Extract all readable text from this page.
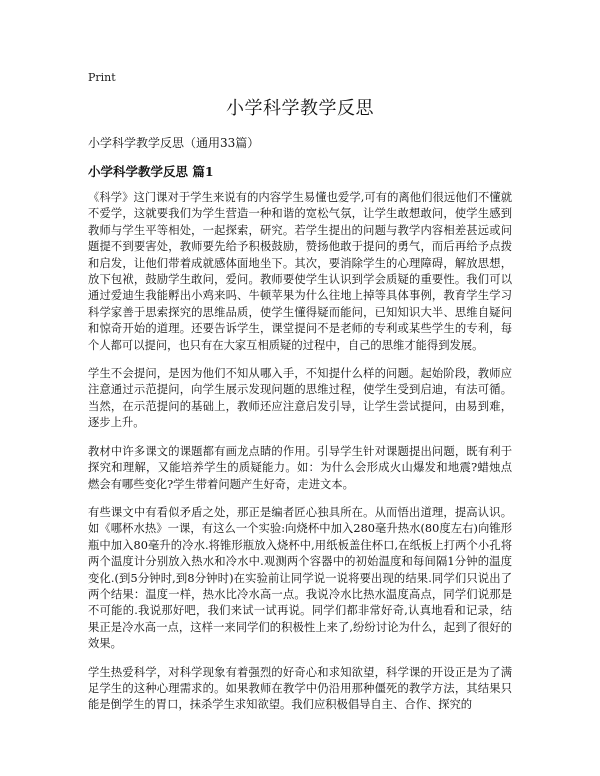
Print
小学科学教学反思
小学科学教学反思（通用33篇）
小学科学教学反思 篇1

《科学》这门课对于学生来说有的内容学生易懂也爱学,可有的离他们很远他们不懂就不爱学，这就要我们为学生营造一种和谐的宽松气氛，让学生敢想敢问，使学生感到教师与学生平等相处，一起探索，研究。若学生提出的问题与教学内容相差甚远或问题提不到要害处，教师要先给予积极鼓励，赞扬他敢于提问的勇气，而后再给予点拨和启发，让他们带着成就感体面地坐下。其次，要消除学生的心理障碍，解放思想，放下包袱，鼓励学生敢问，爱问。教师要使学生认识到学会质疑的重要性。我们可以通过爱迪生我能孵出小鸡来吗、牛顿苹果为什么往地上掉等具体事例，教育学生学习科学家善于思索探究的思维品质，使学生懂得疑而能问，已知知识大半、思维自疑问和惊奇开始的道理。还要告诉学生，课堂提问不是老师的专利或某些学生的专利，每个人都可以提问，也只有在大家互相质疑的过程中，自己的思维才能得到发展。

学生不会提问，是因为他们不知从哪入手，不知提什么样的问题。起始阶段，教师应注意通过示范提问，向学生展示发现问题的思维过程，使学生受到启迪，有法可循。当然，在示范提问的基础上，教师还应注意启发引导，让学生尝试提问，由易到难，逐步上升。

教材中许多课文的课题都有画龙点睛的作用。引导学生针对课题提出问题，既有利于探究和理解，又能培养学生的质疑能力。如：为什么会形成火山爆发和地震?蜡烛点燃会有哪些变化?学生带着问题产生好奇，走进文本。

有些课文中有看似矛盾之处，那正是编者匠心独具所在。从而悟出道理，提高认识。如《哪杯水热》一课，有这么一个实验:向烧杯中加入280毫升热水(80度左右)向锥形瓶中加入80毫升的冷水.将锥形瓶放入烧杯中,用纸板盖住杯口,在纸板上打两个小孔将两个温度计分别放入热水和冷水中.观测两个容器中的初始温度和每间隔1分钟的温度变化.(到5分钟时,到8分钟时)在实验前让同学说一说将要出现的结果.同学们只说出了两个结果：温度一样，热水比冷水高一点。我说冷水比热水温度高点，同学们说那是不可能的.我说那好吧，我们来试一试再说。同学们都非常好奇,认真地看和记录，结果正是冷水高一点，这样一来同学们的积极性上来了,纷纷讨论为什么，起到了很好的效果。

学生热爱科学，对科学现象有着强烈的好奇心和求知欲望，科学课的开设正是为了满足学生的这种心理需求的。如果教师在教学中仍沿用那种僵死的教学方法，其结果只能是倒学生的胃口，抹杀学生求知欲望。我们应积极倡导自主、合作、探究的
